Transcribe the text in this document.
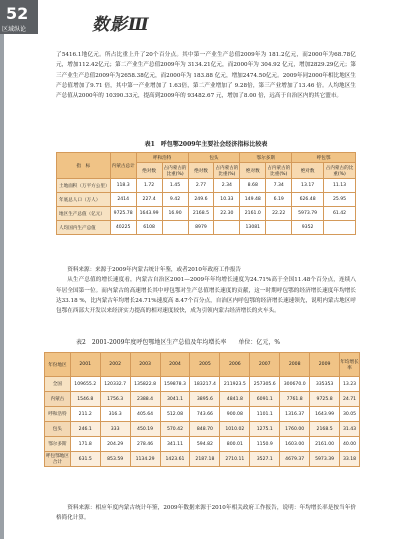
52
区域纵论	数影Ⅲ

了5416.1地亿元。所占比重上升了20个百分点。其中第一产业生产总值2009年为 181.2亿元，而2000年为68.78亿元，增加112.42亿元；第二产业生产总值2009年为 3134.21亿元，而2000年为 304.92 亿元，增加2829.29亿元；第三产业生产总值2009年为2658.38亿元，而2000年为 183.88 亿元，增加2474.50亿元。2009年同2000年相比地区生产总值增加了9.71 倍，其中第一产业增加了 1.63倍，第二产业增加了 9.28倍，第三产业增加了13.46 倍。人均地区生产总值从2000年的 10390.33元，提高到2009年的 93482.67 元，增加了8.00 倍，远高于自治区内的其它盟市。

表1　呼包鄂2009年主要社会经济指标比较表
指　标	内蒙古总计	呼和浩特		包头		鄂尔多斯		呼包鄂	
		绝对数	占内蒙古的比重(%)	绝对数	占内蒙古的比重(%)	绝对数	占内蒙古的比重(%)	绝对数	占内蒙古的比重(%)
土地面积（万平方公里）	118.3	1.72	1.45	2.77	2.34	8.68	7.34	13.17	11.13
年底总人口（万人）	2414	227.4	9.42	249.6	10.33	149.48	6.19	626.48	25.95
地区生产总值（亿元）	9725.78	1643.99	16.90	2168.5	22.30	2161.0	22.22	5973.79	61.42
人均国内生产总值	40225	6108		8979		13081		9352	

资料来源：来源于2009年内蒙古统计年鉴，或者2010年政府工作报告

从生产总值的增长速度看，内蒙古自治区2001—2009年年均增长速度为24.71%高于全国11.48个百分点，连续八年居全国第一位。而内蒙古的高速增长其中呼包鄂对生产总值增长速度的贡献，这一时期呼包鄂的经济增长速度年均增长达33.18 %，比内蒙古年均增长24.71%速度高 8.47个百分点，自治区内呼包鄂的经济增长速速领先，说明内蒙古地区呼包鄂在西部大开发以来经济实力提高的相对速度较快，成为引领内蒙古经济增长的火车头。

表2　2001-2009年度呼包鄂地区生产总值及年均增长率　　单位：亿元，%
年份地区	2001	2002	2003	2004	2005	2006	2007	2008	2009	年均增长率
全国	109655.2	120332.7	135822.8	159878.3	183217.4	211923.5	257305.6	300670.0	335353	13.23
内蒙古	1546.8	1756.3	2388.4	3041.1	3895.6	4841.8	6091.1	7761.8	9725.8	24.71
呼和浩特	211.2	316.3	405.64	512.08	743.66	900.08	1101.1	1316.37	1643.99	30.05
包头	246.1	333	450.19	570.42	848.70	1010.02	1275.1	1760.00	2168.5	31.43
鄂尔多斯	171.8	204.29	278.46	341.11	594.82	800.01	1150.9	1603.00	2161.00	40.00
呼包鄂地区合计	631.5	853.59	1134.29	1423.61	2187.18	2710.11	3527.1	4679.37	5973.39	33.18

资料来源：相应年度内蒙古统计年鉴，2009年数据来源于2010年相关政府工作报告，说明：年均增长率是按当年价格简化计算。
